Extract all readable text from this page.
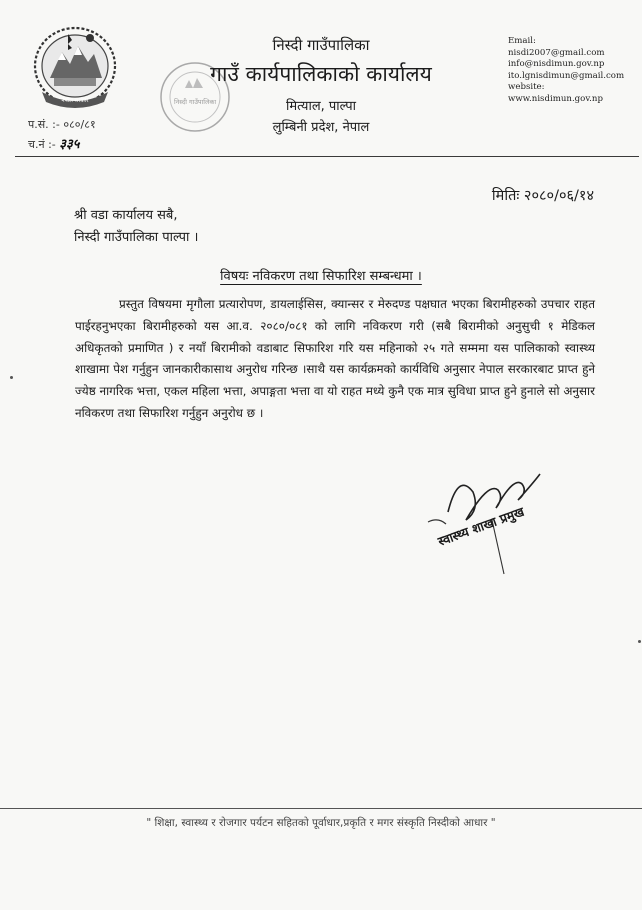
नेपाल सरकार
प.सं. :- ०८०/८१
च.नं :- ३३५
निस्दी गाउँपालिका
निस्दी गाउँपालिका
गाउँ कार्यपालिकाको कार्यालय
मित्याल, पाल्पा
लुम्बिनी प्रदेश, नेपाल
Email:
nisdi2007@gmail.com
info@nisdimun.gov.np
ito.lgnisdimun@gmail.com
website:
www.nisdimun.gov.np
मितिः २०८०/०६/१४
श्री वडा कार्यालय सबै,
निस्दी गाउँपालिका पाल्पा ।
विषयः नविकरण तथा सिफारिश सम्बन्धमा ।

प्रस्तुत विषयमा मृगौला प्रत्यारोपण, डायलाईसिस, क्यान्सर र मेरुदण्ड पक्षघात भएका बिरामीहरुको उपचार राहत पाईरहनुभएका बिरामीहरुको यस आ.व. २०८०/०८१ को लागि नविकरण गरी (सबै बिरामीको अनुसुची १ मेडिकल अधिकृतको प्रमाणित ) र नयाँ बिरामीको वडाबाट सिफारिश गरि यस महिनाको २५ गते सम्ममा यस पालिकाको स्वास्थ्य शाखामा पेश गर्नुहुन जानकारीकासाथ अनुरोध गरिन्छ ।साथै यस कार्यक्रमको कार्यविधि अनुसार नेपाल सरकारबाट प्राप्त हुने ज्येष्ठ नागरिक भत्ता, एकल महिला भत्ता, अपाङ्गता भत्ता वा यो राहत मध्ये कुनै एक मात्र सुविधा प्राप्त हुने हुनाले सो अनुसार नविकरण तथा सिफारिश गर्नुहुन अनुरोध छ ।

स्वास्थ्य शाखा प्रमुख
" शिक्षा, स्वास्थ्य र रोजगार पर्यटन सहितको पूर्वाधार,प्रकृति र मगर संस्कृति निस्दीको आधार "
